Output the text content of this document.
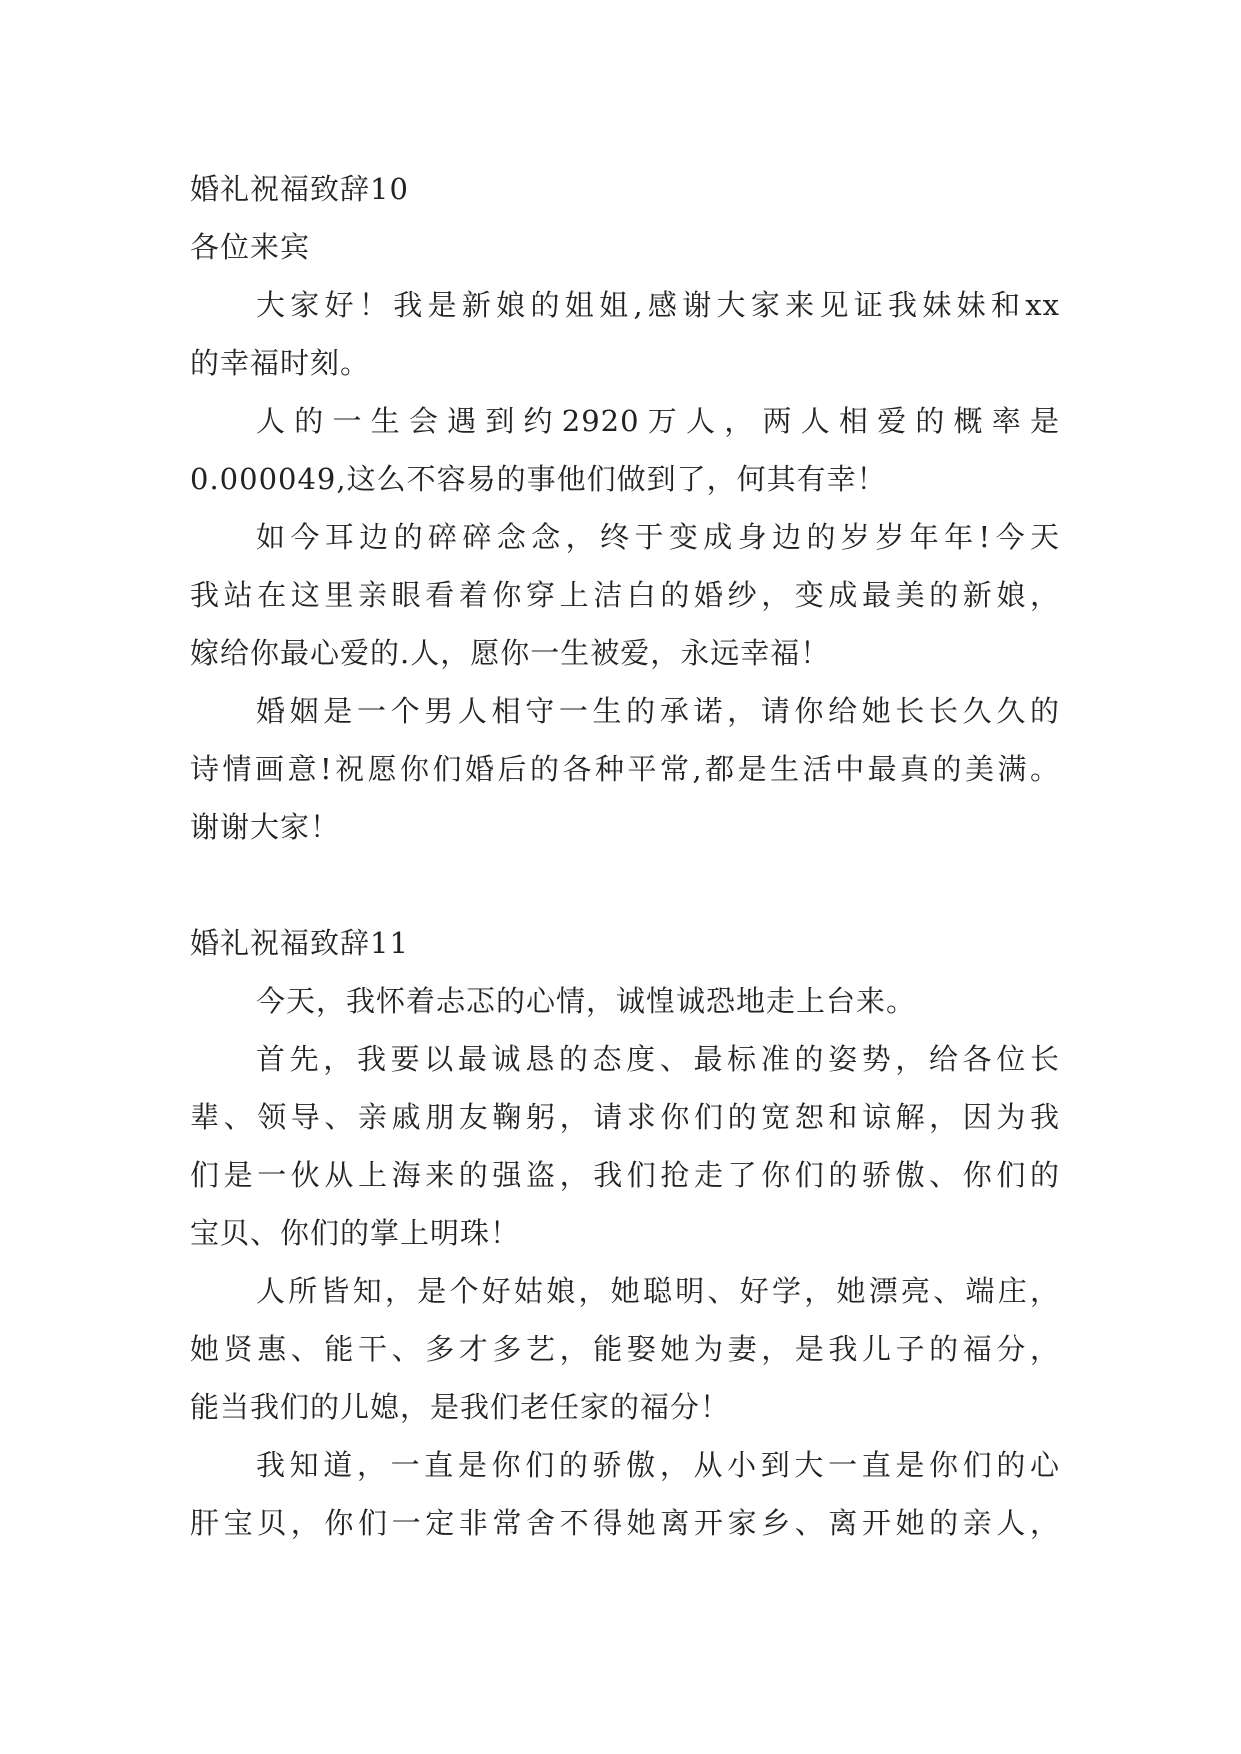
婚礼祝福致辞10
各位来宾
大家好！我是新娘的姐姐,感谢大家来见证我妹妹和xx
的幸福时刻。
人的一生会遇到约2920万人，两人相爱的概率是
0.000049,这么不容易的事他们做到了，何其有幸！
如今耳边的碎碎念念，终于变成身边的岁岁年年!今天
我站在这里亲眼看着你穿上洁白的婚纱，变成最美的新娘，
嫁给你最心爱的.人，愿你一生被爱，永远幸福！
婚姻是一个男人相守一生的承诺，请你给她长长久久的
诗情画意!祝愿你们婚后的各种平常,都是生活中最真的美满。
谢谢大家！
婚礼祝福致辞11
今天，我怀着忐忑的心情，诚惶诚恐地走上台来。
首先，我要以最诚恳的态度、最标准的姿势，给各位长
辈、领导、亲戚朋友鞠躬，请求你们的宽恕和谅解，因为我
们是一伙从上海来的强盗，我们抢走了你们的骄傲、你们的
宝贝、你们的掌上明珠！
人所皆知，是个好姑娘，她聪明、好学，她漂亮、端庄，
她贤惠、能干、多才多艺，能娶她为妻，是我儿子的福分，
能当我们的儿媳，是我们老任家的福分！
我知道，一直是你们的骄傲，从小到大一直是你们的心
肝宝贝，你们一定非常舍不得她离开家乡、离开她的亲人，
